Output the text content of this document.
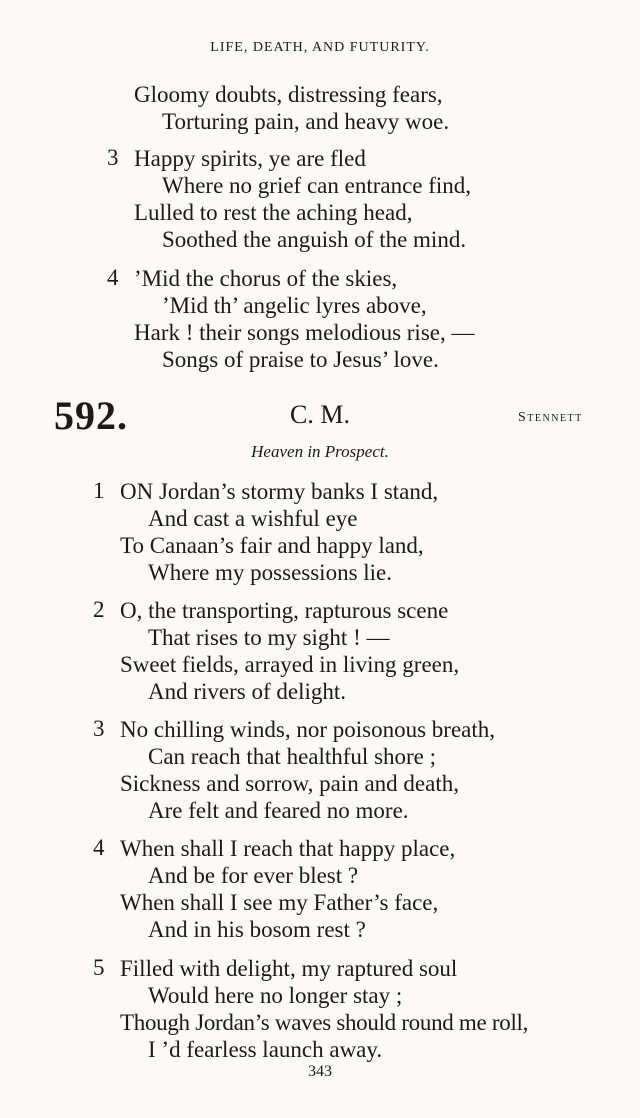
LIFE, DEATH, AND FUTURITY.
Gloomy doubts, distressing fears,
Torturing pain, and heavy woe.
3 Happy spirits, ye are fled
Where no grief can entrance find,
Lulled to rest the aching head,
Soothed the anguish of the mind.
4 ’Mid the chorus of the skies,
’Mid th’ angelic lyres above,
Hark ! their songs melodious rise, —
Songs of praise to Jesus’ love.
592.	C. M.	Stennett
Heaven in Prospect.
1 ON Jordan’s stormy banks I stand,
And cast a wishful eye
To Canaan’s fair and happy land,
Where my possessions lie.
2 O, the transporting, rapturous scene
That rises to my sight ! —
Sweet fields, arrayed in living green,
And rivers of delight.
3 No chilling winds, nor poisonous breath,
Can reach that healthful shore ;
Sickness and sorrow, pain and death,
Are felt and feared no more.
4 When shall I reach that happy place,
And be for ever blest ?
When shall I see my Father’s face,
And in his bosom rest ?
5 Filled with delight, my raptured soul
Would here no longer stay ;
Though Jordan’s waves should round me roll,
I ’d fearless launch away.
343
